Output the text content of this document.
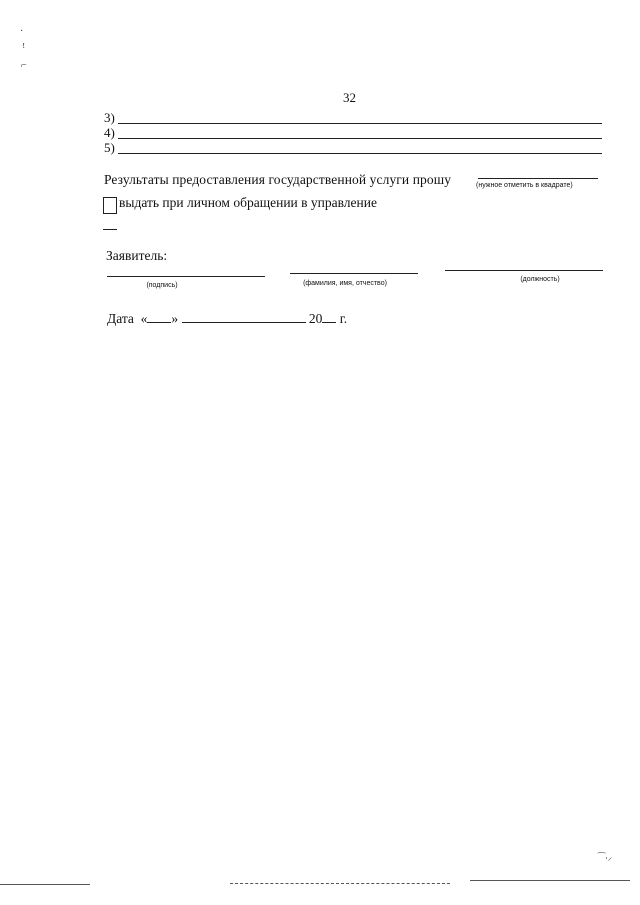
32
3)
4)
5)
Результаты предоставления государственной услуги прошу	(нужное отметить в квадрате)
выдать при личном обращении в управление
Заявитель:
(подпись)	(фамилия, имя, отчество)
(должность)
Дата « »	20 г.
·
ꜝ
⌐
⁀⸳⸝
